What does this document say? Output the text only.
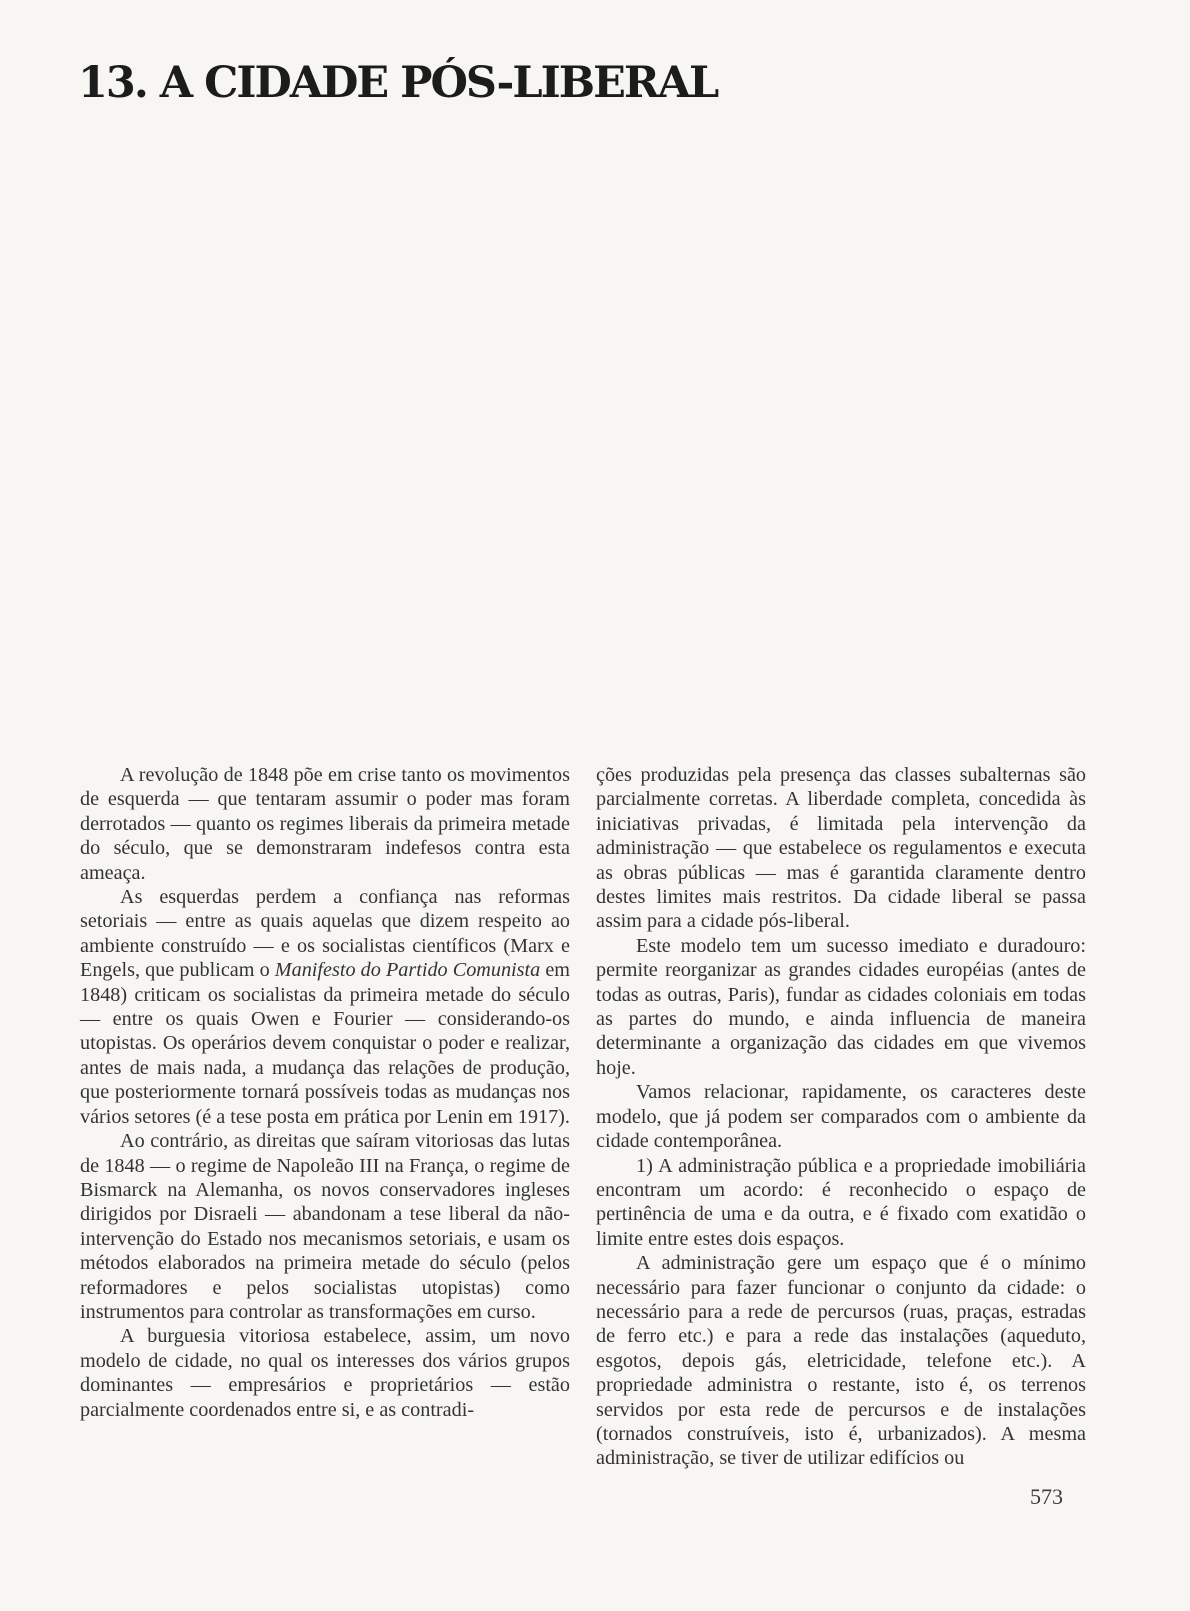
13. A CIDADE PÓS-LIBERAL

A revolução de 1848 põe em crise tanto os movimentos de esquerda — que tentaram assumir o poder mas foram derrotados — quanto os regimes liberais da primeira metade do século, que se demonstraram indefesos contra esta ameaça.

As esquerdas perdem a confiança nas reformas setoriais — entre as quais aquelas que dizem respeito ao ambiente construído — e os socialistas científicos (Marx e Engels, que publicam o Manifesto do Partido Comunista em 1848) criticam os socialistas da primeira metade do século — entre os quais Owen e Fourier — considerando-os utopistas. Os operários devem conquistar o poder e realizar, antes de mais nada, a mudança das relações de produção, que posteriormente tornará possíveis todas as mudanças nos vários setores (é a tese posta em prática por Lenin em 1917).

Ao contrário, as direitas que saíram vitoriosas das lutas de 1848 — o regime de Napoleão III na França, o regime de Bismarck na Alemanha, os novos conservadores ingleses dirigidos por Disraeli — abandonam a tese liberal da não-intervenção do Estado nos mecanismos setoriais, e usam os métodos elaborados na primeira metade do século (pelos reformadores e pelos socialistas utopistas) como instrumentos para controlar as transformações em curso.

A burguesia vitoriosa estabelece, assim, um novo modelo de cidade, no qual os interesses dos vários grupos dominantes — empresários e proprietários — estão parcialmente coordenados entre si, e as contradi-

ções produzidas pela presença das classes subalternas são parcialmente corretas. A liberdade completa, concedida às iniciativas privadas, é limitada pela intervenção da administração — que estabelece os regulamentos e executa as obras públicas — mas é garantida claramente dentro destes limites mais restritos. Da cidade liberal se passa assim para a cidade pós-liberal.

Este modelo tem um sucesso imediato e duradouro: permite reorganizar as grandes cidades européias (antes de todas as outras, Paris), fundar as cidades coloniais em todas as partes do mundo, e ainda influencia de maneira determinante a organização das cidades em que vivemos hoje.

Vamos relacionar, rapidamente, os caracteres deste modelo, que já podem ser comparados com o ambiente da cidade contemporânea.

1) A administração pública e a propriedade imobiliária encontram um acordo: é reconhecido o espaço de pertinência de uma e da outra, e é fixado com exatidão o limite entre estes dois espaços.

A administração gere um espaço que é o mínimo necessário para fazer funcionar o conjunto da cidade: o necessário para a rede de percursos (ruas, praças, estradas de ferro etc.) e para a rede das instalações (aqueduto, esgotos, depois gás, eletricidade, telefone etc.). A propriedade administra o restante, isto é, os terrenos servidos por esta rede de percursos e de instalações (tornados construíveis, isto é, urbanizados). A mesma administração, se tiver de utilizar edifícios ou

573
